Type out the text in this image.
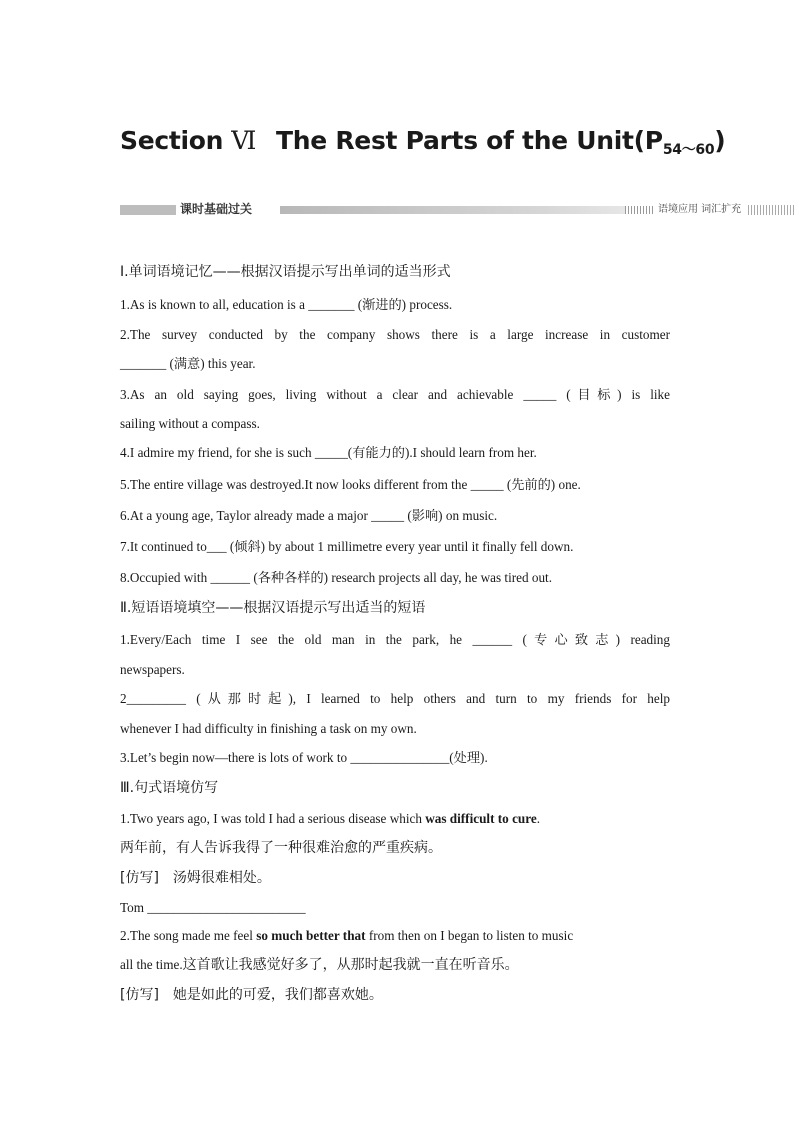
Section Ⅵ The Rest Parts of the $Unit(P_{54\sim 60})$
课时基础过关	语境应用 词汇扩充
Ⅰ.单词语境记忆——根据汉语提示写出单词的适当形式
1.As is known to all, education is a _______ (渐进的) process.
2.The survey conducted by the company shows there is a large increase in customer
_______ (满意) this year.
3.As an old saying goes, living without a clear and achievable _____ (目标) is like
sailing without a compass.
4.I admire my friend, for she is such _____(有能力的).I should learn from her.
5.The entire village was destroyed.It now looks different from the _____ (先前的) one.
6.At a young age, Taylor already made a major _____ (影响) on music.
7.It continued to___ (倾斜) by about 1 millimetre every year until it finally fell down.
8.Occupied with ______ (各种各样的) research projects all day, he was tired out.
Ⅱ.短语语境填空——根据汉语提示写出适当的短语
1.Every/Each time I see the old man in the park, he ______ (专心致志) reading
newspapers.
2_________ (从那时起), I learned to help others and turn to my friends for help
whenever I had difficulty in finishing a task on my own.
3.Let’s begin now—there is lots of work to _______________(处理).
Ⅲ.句式语境仿写
1.Two years ago, I was told I had a serious disease which was difficult to cure.
两年前，有人告诉我得了一种很难治愈的严重疾病。
[仿写]　汤姆很难相处。
Tom ________________________
2.The song made me feel so much better that from then on I began to listen to music
all the time.这首歌让我感觉好多了，从那时起我就一直在听音乐。
[仿写]　她是如此的可爱，我们都喜欢她。
